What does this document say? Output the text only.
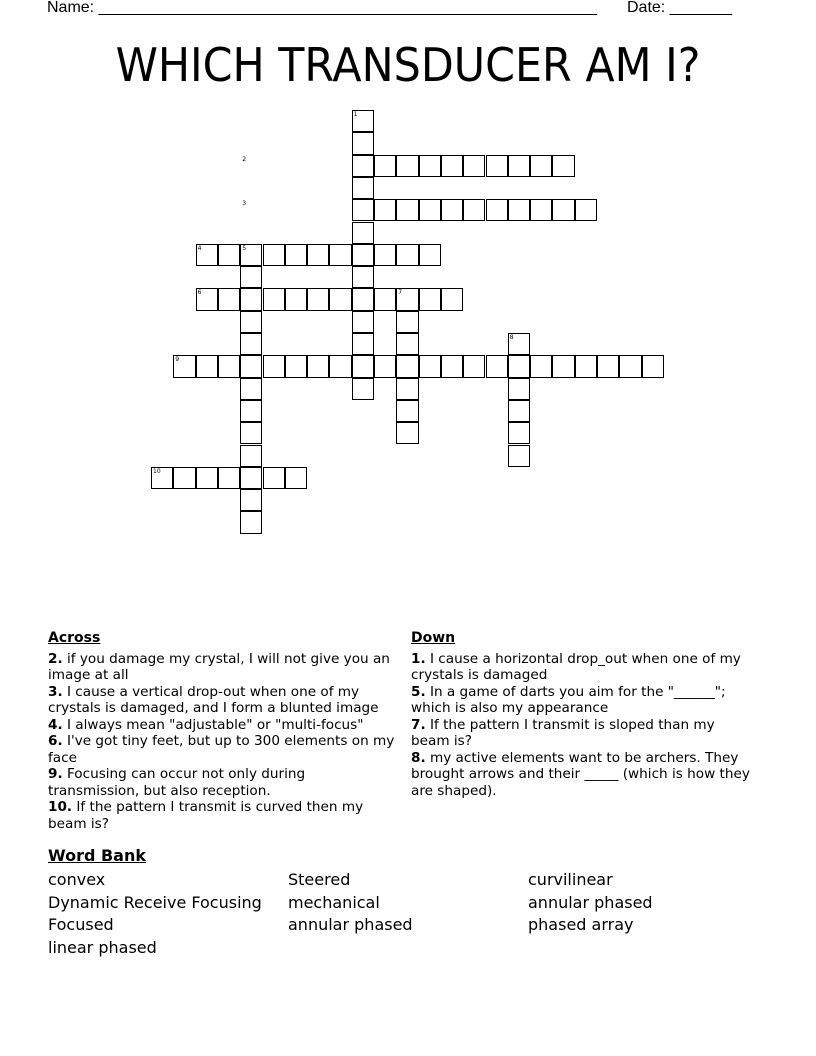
Name: ________________________________________________________ Date: _______
WHICH TRANSDUCER AM I?
1
2
3
4	5
6	7
8
9
10
Across
2. if you damage my crystal, I will not give you an image at all
3. I cause a vertical drop-out when one of my crystals is damaged, and I form a blunted image
4. I always mean "adjustable" or "multi-focus"
6. I've got tiny feet, but up to 300 elements on my face
9. Focusing can occur not only during transmission, but also reception.
10. If the pattern I transmit is curved then my beam is?
Down
1. I cause a horizontal drop_out when one of my crystals is damaged
5. In a game of darts you aim for the "______"; which is also my appearance
7. If the pattern I transmit is sloped than my beam is?
8. my active elements want to be archers. They brought arrows and their _____ (which is how they are shaped).
Word Bank
convex	Steered	curvilinear
Dynamic Receive Focusing	mechanical	annular phased
Focused	annular phased	phased array
linear phased
